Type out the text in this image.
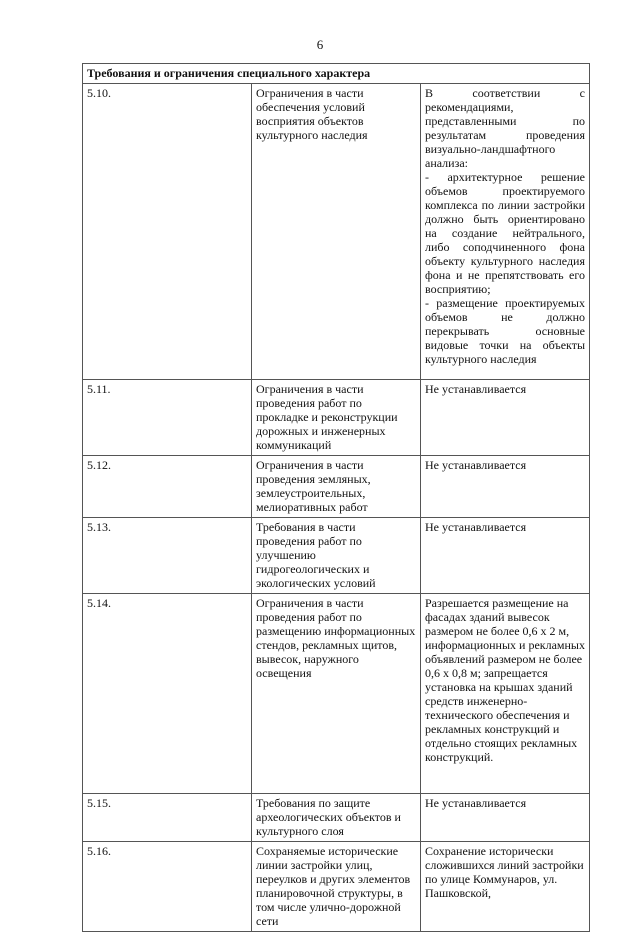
6
Требования и ограничения специального характера		
5.10.	Ограничения в части обеспечения условий восприятия объектов культурного наследия	В соответствии с рекомендациями, представленными по результатам проведения визуально-ландшафтного анализа:
- архитектурное решение объемов проектируемого комплекса по линии застройки должно быть ориентировано на создание нейтрального, либо соподчиненного фона объекту культурного наследия фона и не препятствовать его восприятию;
- размещение проектируемых объемов не должно перекрывать основные видовые точки на объекты культурного наследия

5.11.	Ограничения в части проведения работ по прокладке и реконструкции дорожных и инженерных коммуникаций	Не устанавливается
5.12.	Ограничения в части проведения земляных, землеустроительных, мелиоративных работ	Не устанавливается
5.13.	Требования в части проведения работ по улучшению гидрогеологических и экологических условий	Не устанавливается
5.14.	Ограничения в части проведения работ по размещению информационных стендов, рекламных щитов, вывесок, наружного освещения	Разрешается размещение на фасадах зданий вывесок размером не более 0,6 х 2 м, информационных и рекламных объявлений размером не более 0,6 х 0,8 м; запрещается установка на крышах зданий средств инженерно-технического обеспечения и рекламных конструкций и отдельно стоящих рекламных конструкций.
5.15.	Требования по защите археологических объектов и культурного слоя	Не устанавливается
5.16.	Сохраняемые исторические линии застройки улиц, переулков и других элементов планировочной структуры, в том числе улично-дорожной сети	Сохранение исторически сложившихся линий застройки по улице Коммунаров, ул. Пашковской,
